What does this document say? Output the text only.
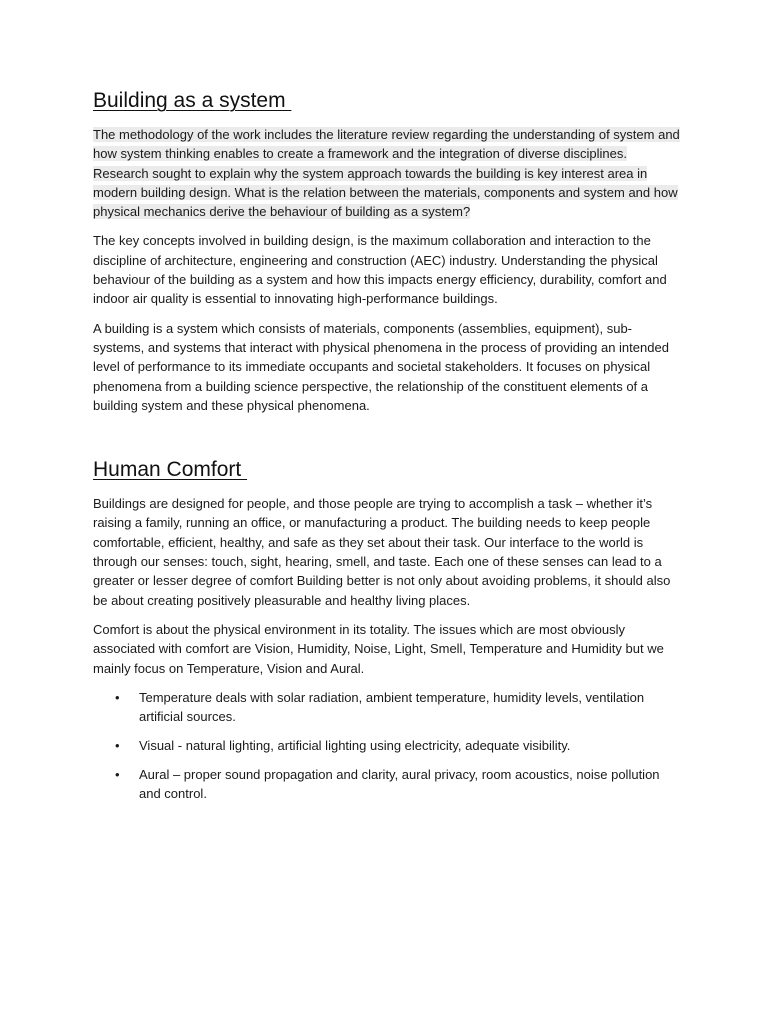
Building as a system

The methodology of the work includes the literature review regarding the understanding of system and how system thinking enables to create a framework and the integration of diverse disciplines. Research sought to explain why the system approach towards the building is key interest area in modern building design. What is the relation between the materials, components and system and how physical mechanics derive the behaviour of building as a system?

The key concepts involved in building design, is the maximum collaboration and interaction to the discipline of architecture, engineering and construction (AEC) industry. Understanding the physical behaviour of the building as a system and how this impacts energy efficiency, durability, comfort and indoor air quality is essential to innovating high-performance buildings.

A building is a system which consists of materials, components (assemblies, equipment), sub-systems, and systems that interact with physical phenomena in the process of providing an intended level of performance to its immediate occupants and societal stakeholders. It focuses on physical phenomena from a building science perspective, the relationship of the constituent elements of a building system and these physical phenomena.

Human Comfort

Buildings are designed for people, and those people are trying to accomplish a task – whether it’s raising a family, running an office, or manufacturing a product. The building needs to keep people comfortable, efficient, healthy, and safe as they set about their task. Our interface to the world is through our senses: touch, sight, hearing, smell, and taste. Each one of these senses can lead to a greater or lesser degree of comfort Building better is not only about avoiding problems, it should also be about creating positively pleasurable and healthy living places.

Comfort is about the physical environment in its totality. The issues which are most obviously associated with comfort are Vision, Humidity, Noise, Light, Smell, Temperature and Humidity but we mainly focus on Temperature, Vision and Aural.

• Temperature deals with solar radiation, ambient temperature, humidity levels, ventilation artificial sources.
• Visual - natural lighting, artificial lighting using electricity, adequate visibility.
• Aural – proper sound propagation and clarity, aural privacy, room acoustics, noise pollution and control.
